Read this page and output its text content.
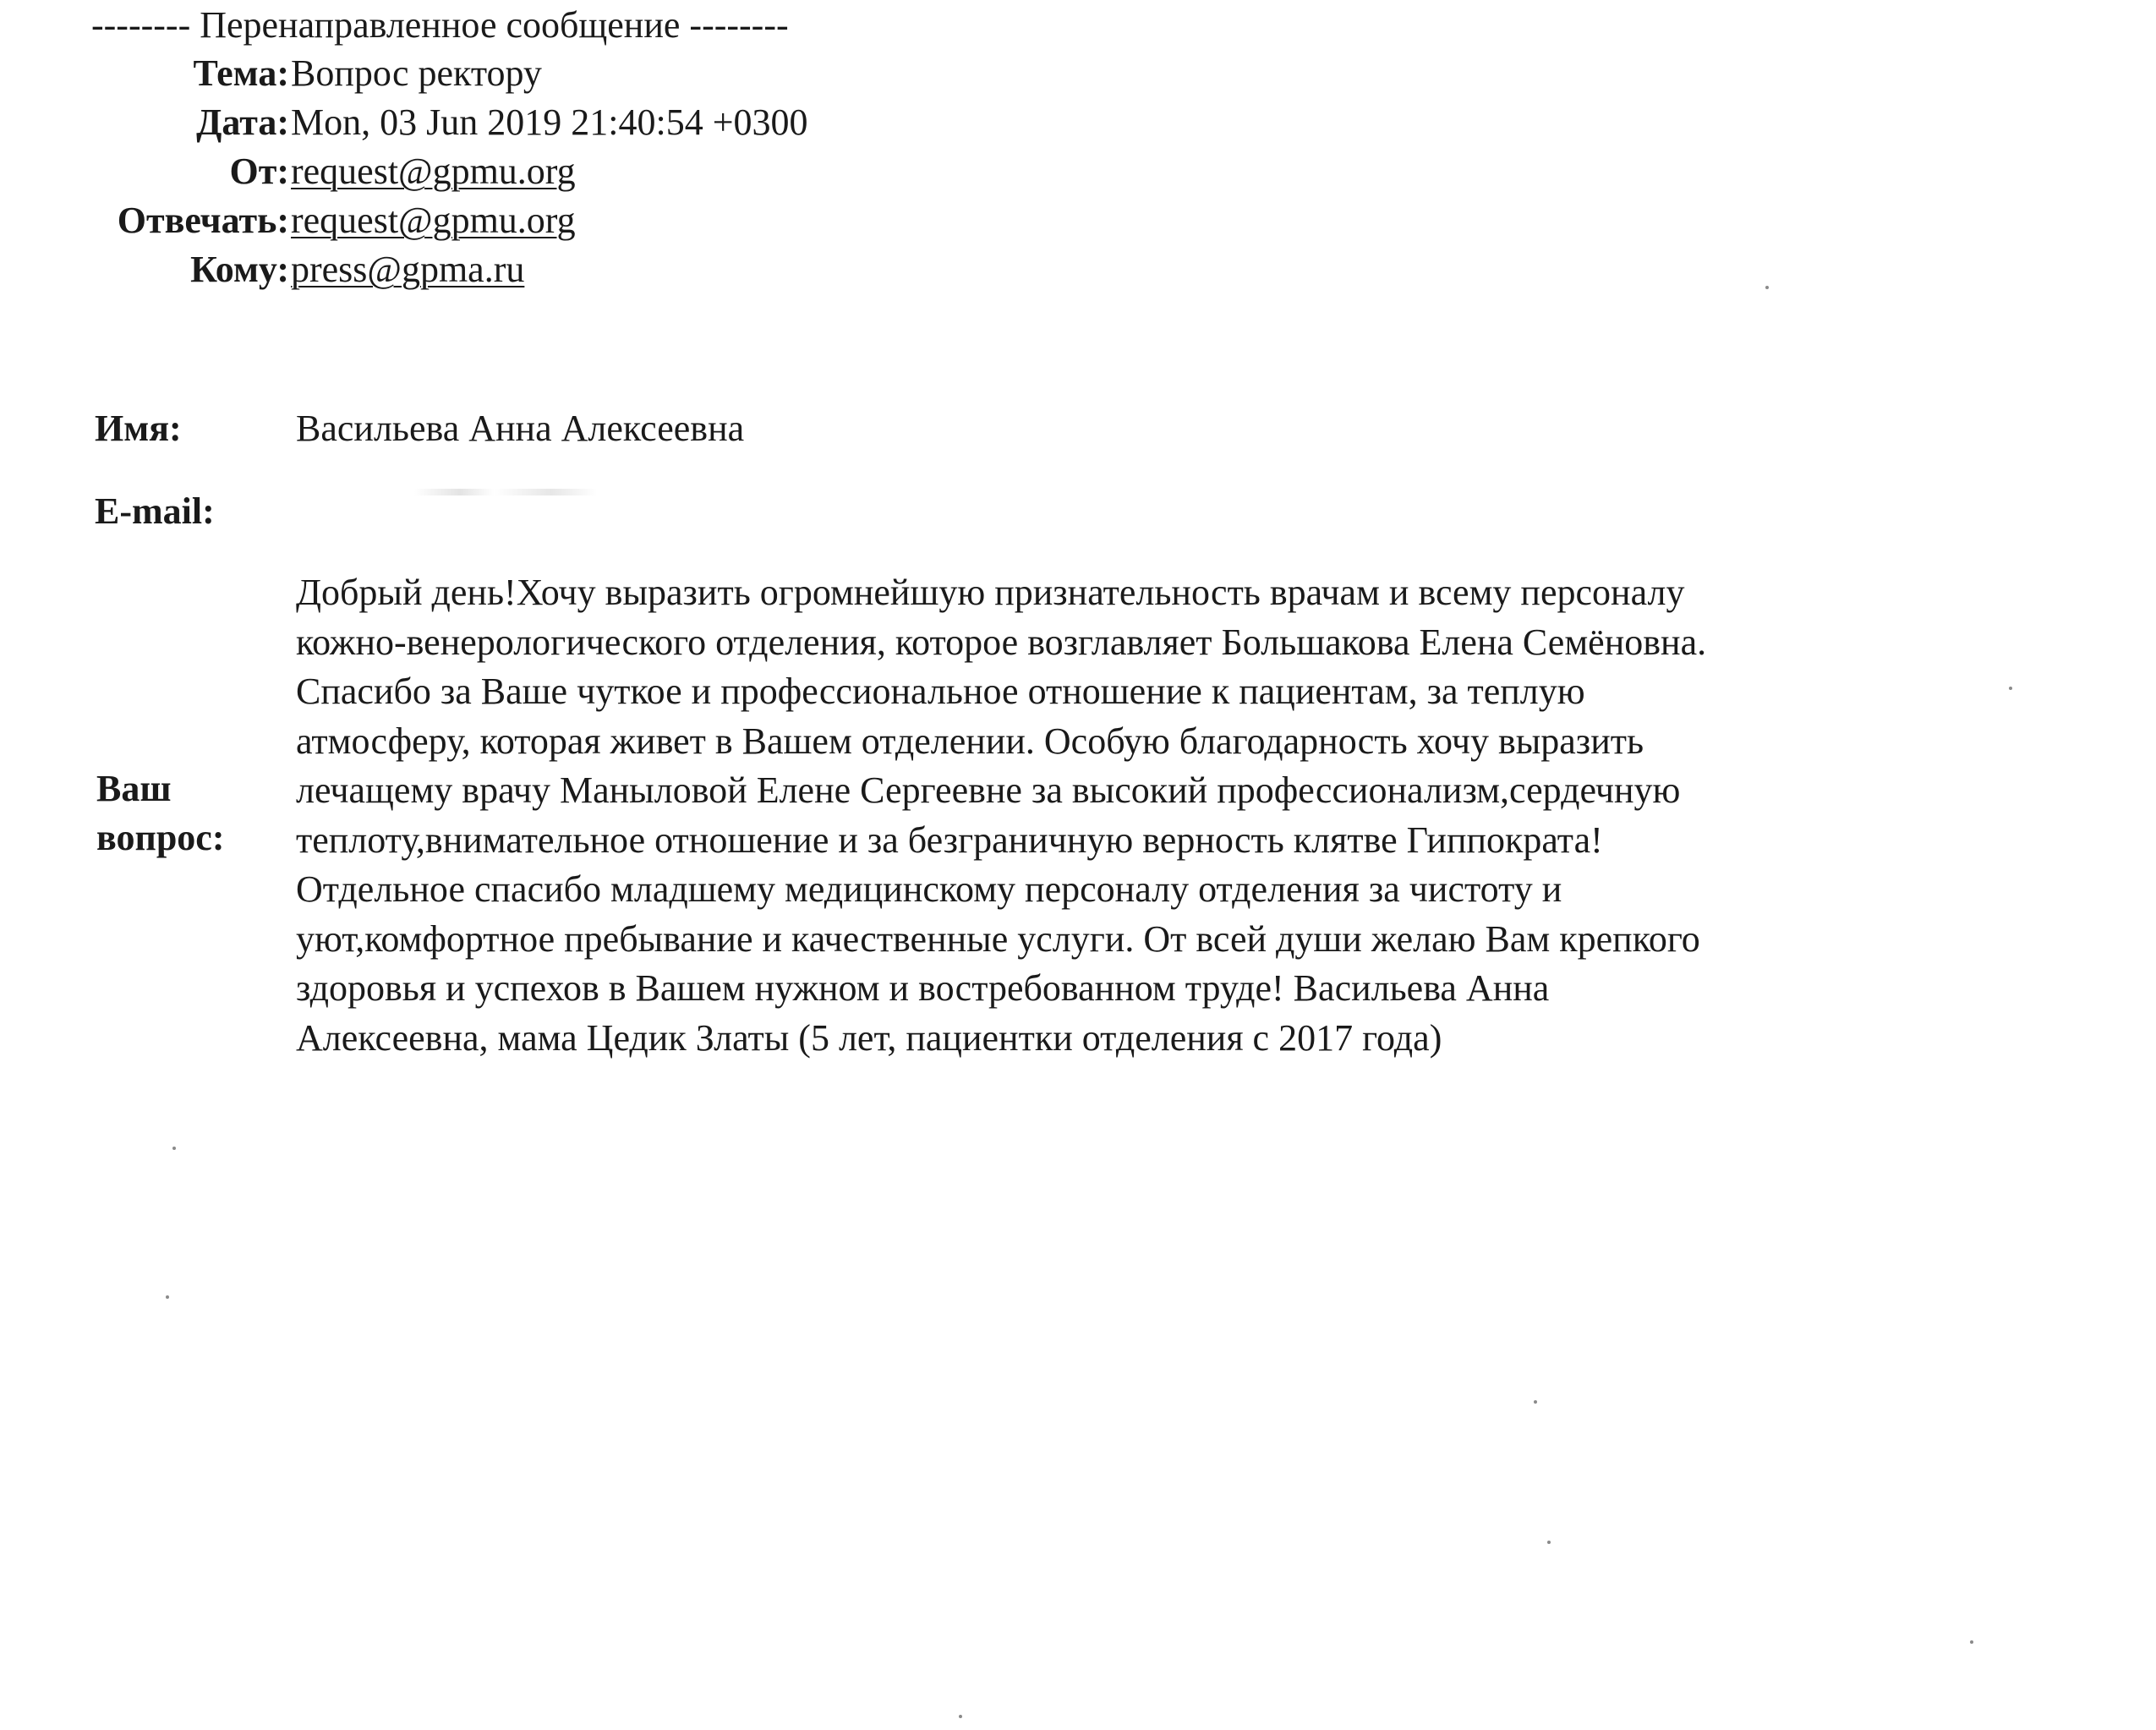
-------- Перенаправленное сообщение --------
Тема: Вопрос ректору
Дата: Mon, 03 Jun 2019 21:40:54 +0300
От: request@gpmu.org
Отвечать: request@gpmu.org
Кому: press@gpma.ru
Имя:	Васильева Анна Алексеевна
E-mail:
Ваш
вопрос:
Добрый день!Хочу выразить огромнейшую признательность врачам и всему персоналу
кожно-венерологического отделения, которое возглавляет Большакова Елена Семёновна.
Спасибо за Ваше чуткое и профессиональное отношение к пациентам, за теплую
атмосферу, которая живет в Вашем отделении. Особую благодарность хочу выразить
лечащему врачу Маныловой Елене Сергеевне за высокий профессионализм,сердечную
теплоту,внимательное отношение и за безграничную верность клятве Гиппократа!
Отдельное спасибо младшему медицинскому персоналу отделения за чистоту и
уют,комфортное пребывание и качественные услуги. От всей души желаю Вам крепкого
здоровья и успехов в Вашем нужном и востребованном труде! Васильева Анна
Алексеевна, мама Цедик Златы (5 лет, пациентки отделения с 2017 года)
